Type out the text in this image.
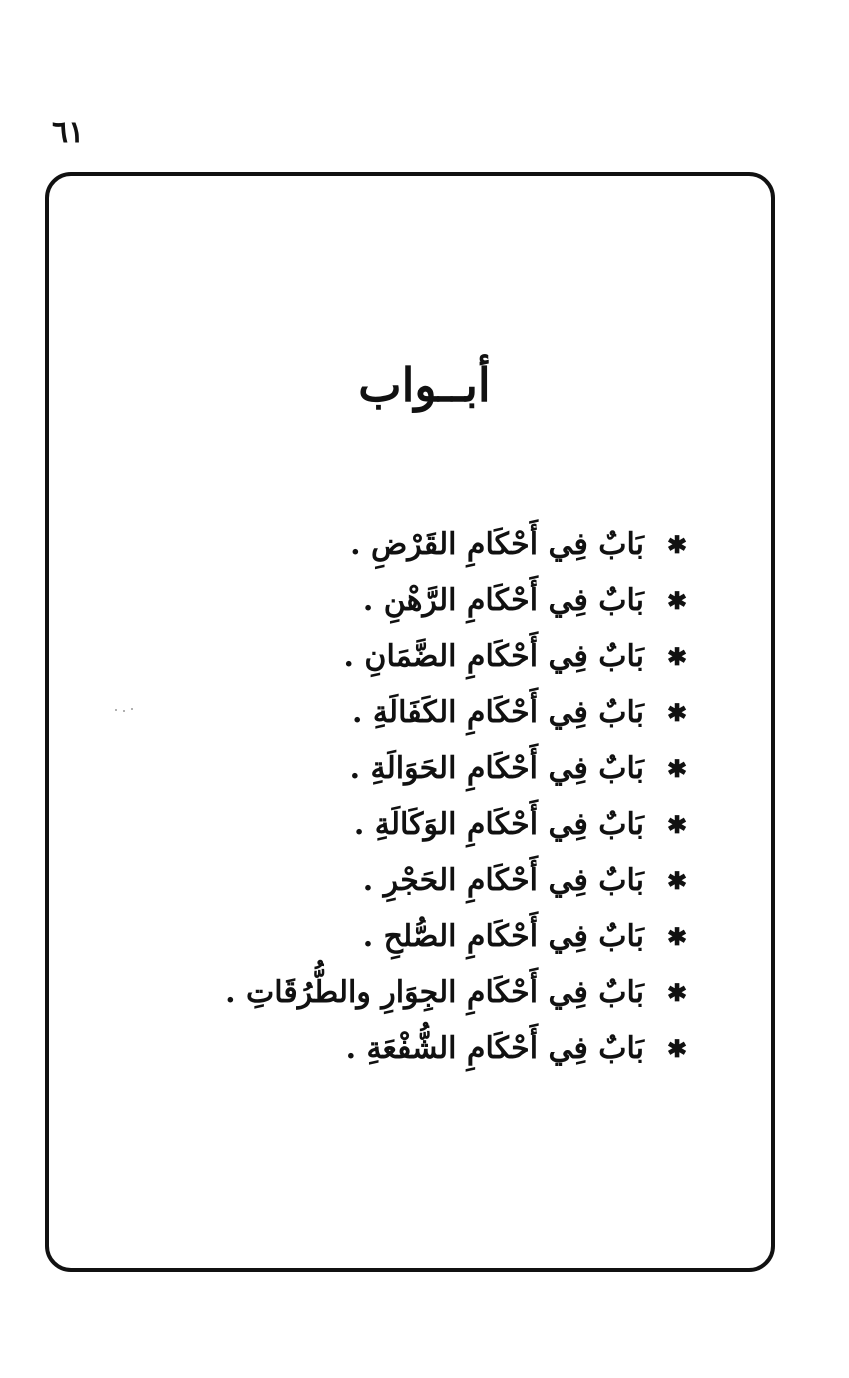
٦١
أبــواب
✱
بَابٌ فِي أَحْكَامِ القَرْضِ .
✱
بَابٌ فِي أَحْكَامِ الرَّهْنِ .
✱
بَابٌ فِي أَحْكَامِ الضَّمَانِ .
✱
بَابٌ فِي أَحْكَامِ الكَفَالَةِ .
✱
بَابٌ فِي أَحْكَامِ الحَوَالَةِ .
✱
بَابٌ فِي أَحْكَامِ الوَكَالَةِ .
✱
بَابٌ فِي أَحْكَامِ الحَجْرِ .
✱
بَابٌ فِي أَحْكَامِ الصُّلحِ .
✱
بَابٌ فِي أَحْكَامِ الجِوَارِ والطُّرُقَاتِ .
✱
بَابٌ فِي أَحْكَامِ الشُّفْعَةِ .
